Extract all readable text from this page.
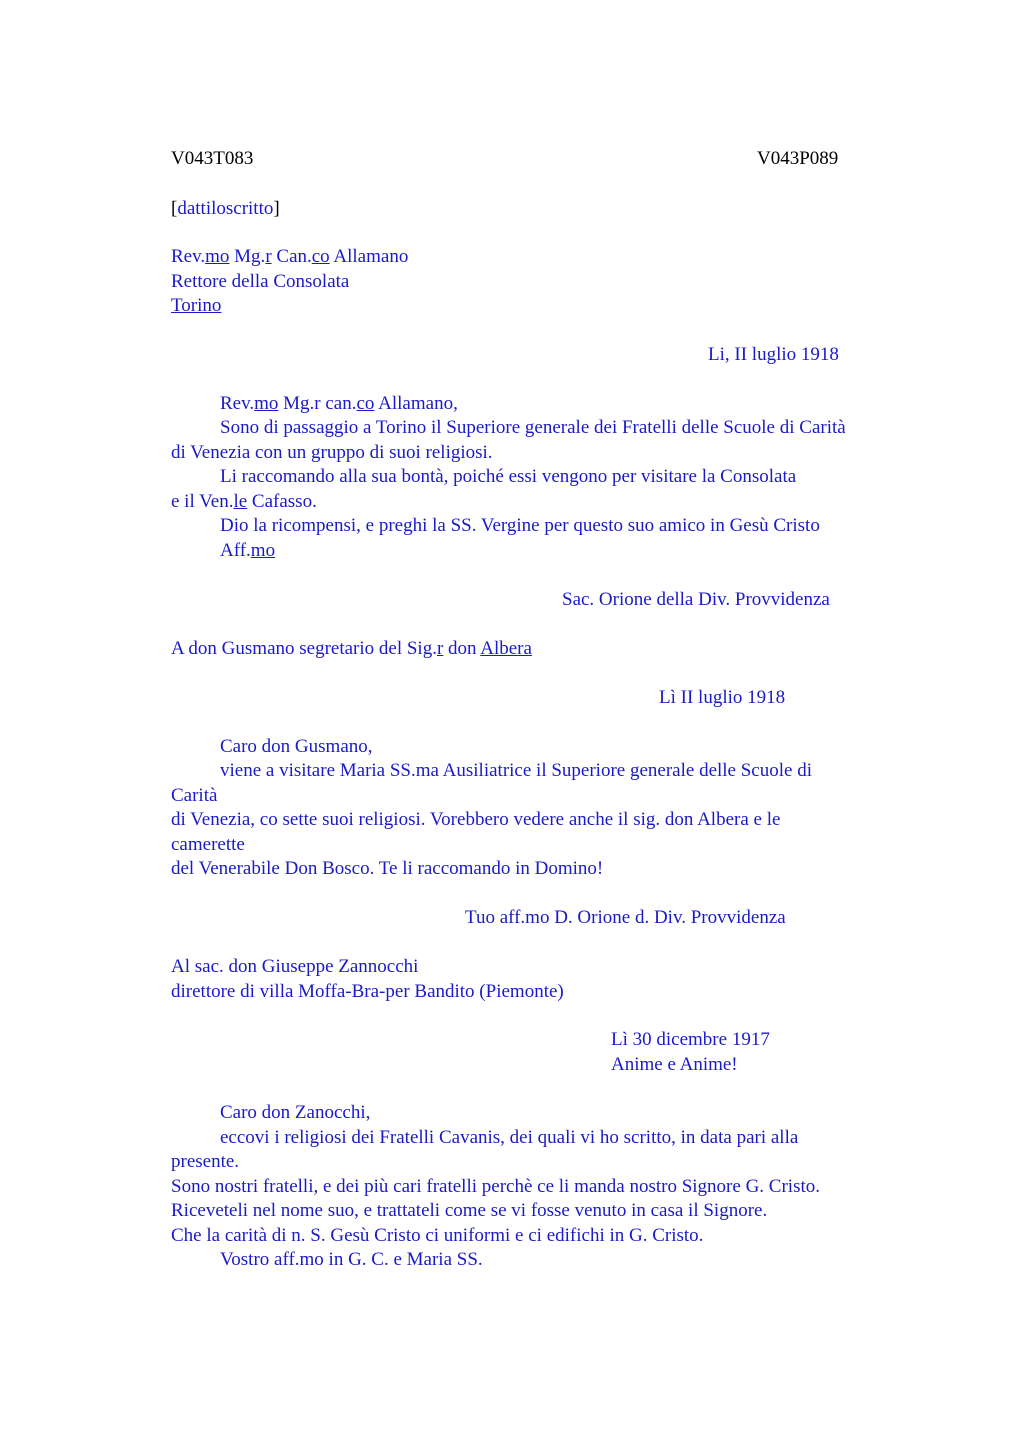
V043T083	V043P089
[dattiloscritto]
Rev.mo Mg.r Can.co Allamano
Rettore della Consolata
Torino
Li, II luglio 1918
Rev.mo Mg.r can.co Allamano,
Sono di passaggio a Torino il Superiore generale dei Fratelli delle Scuole di Carità
di Venezia con un gruppo di suoi religiosi.
Li raccomando alla sua bontà, poiché essi vengono per visitare la Consolata
e il Ven.le Cafasso.
Dio la ricompensi, e preghi la SS. Vergine per questo suo amico in Gesù Cristo
Aff.mo
Sac. Orione della Div. Provvidenza
A don Gusmano segretario del Sig.r don Albera
Lì II luglio 1918
Caro don Gusmano,
viene a visitare Maria SS.ma Ausiliatrice il Superiore generale delle Scuole di
Carità
di Venezia, co sette suoi religiosi. Vorebbero vedere anche il sig. don Albera e le
camerette
del Venerabile Don Bosco. Te li raccomando in Domino!
Tuo aff.mo D. Orione d. Div. Provvidenza
Al sac. don Giuseppe Zannocchi
direttore di villa Moffa-Bra-per Bandito (Piemonte)
Lì 30 dicembre 1917
Anime e Anime!
Caro don Zanocchi,
eccovi i religiosi dei Fratelli Cavanis, dei quali vi ho scritto, in data pari alla
presente.
Sono nostri fratelli, e dei più cari fratelli perchè ce li manda nostro Signore G. Cristo.
Riceveteli nel nome suo, e trattateli come se vi fosse venuto in casa il Signore.
Che la carità di n. S. Gesù Cristo ci uniformi e ci edifichi in G. Cristo.
Vostro aff.mo in G. C. e Maria SS.
